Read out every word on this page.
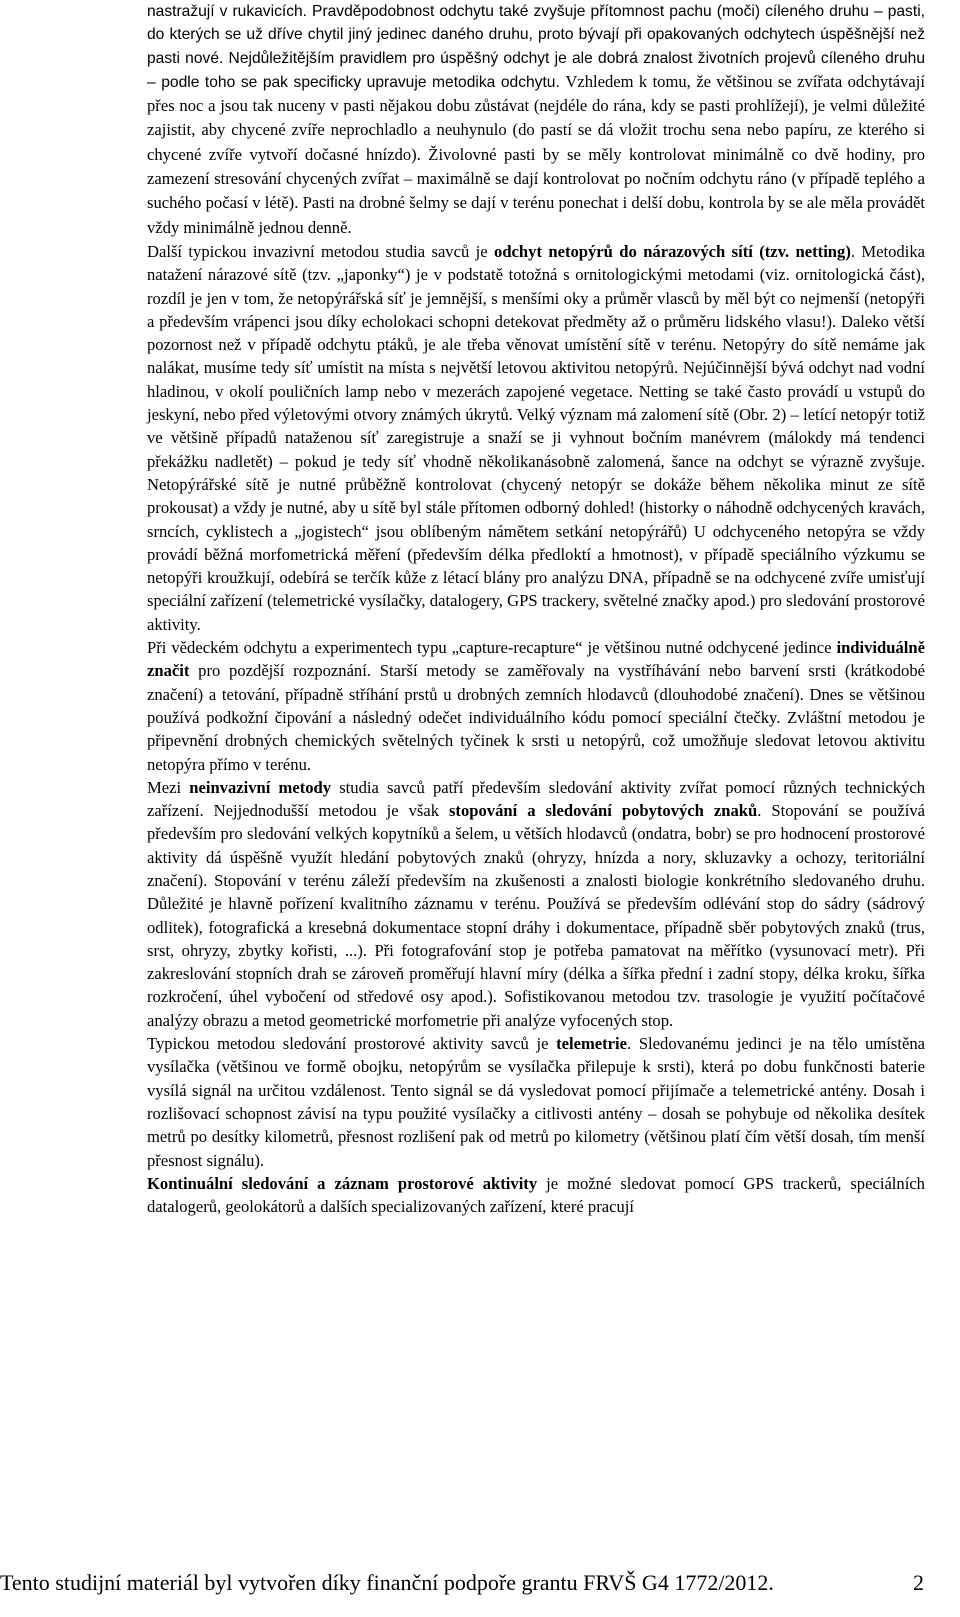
nastražují v rukavicích. Pravděpodobnost odchytu také zvyšuje přítomnost pachu (moči) cíleného druhu – pasti, do kterých se už dříve chytil jiný jedinec daného druhu, proto bývají při opakovaných odchytech úspěšnější než pasti nové. Nejdůležitějším pravidlem pro úspěšný odchyt je ale dobrá znalost životních projevů cíleného druhu – podle toho se pak specificky upravuje metodika odchytu. Vzhledem k tomu, že většinou se zvířata odchytávají přes noc a jsou tak nuceny v pasti nějakou dobu zůstávat (nejdéle do rána, kdy se pasti prohlížejí), je velmi důležité zajistit, aby chycené zvíře neprochladlo a neuhynulo (do pastí se dá vložit trochu sena nebo papíru, ze kterého si chycené zvíře vytvoří dočasné hnízdo). Živolovné pasti by se měly kontrolovat minimálně co dvě hodiny, pro zamezení stresování chycených zvířat – maximálně se dají kontrolovat po nočním odchytu ráno (v případě teplého a suchého počasí v létě). Pasti na drobné šelmy se dají v terénu ponechat i delší dobu, kontrola by se ale měla provádět vždy minimálně jednou denně.

Další typickou invazivní metodou studia savců je odchyt netopýrů do nárazových sítí (tzv. netting). Metodika natažení nárazové sítě (tzv. „japonky“) je v podstatě totožná s ornitologickými metodami (viz. ornitologická část), rozdíl je jen v tom, že netopýrářská síť je jemnější, s menšími oky a průměr vlasců by měl být co nejmenší (netopýři a především vrápenci jsou díky echolokaci schopni detekovat předměty až o průměru lidského vlasu!). Daleko větší pozornost než v případě odchytu ptáků, je ale třeba věnovat umístění sítě v terénu. Netopýry do sítě nemáme jak nalákat, musíme tedy síť umístit na místa s největší letovou aktivitou netopýrů. Nejúčinnější bývá odchyt nad vodní hladinou, v okolí pouličních lamp nebo v mezerách zapojené vegetace. Netting se také často provádí u vstupů do jeskyní, nebo před výletovými otvory známých úkrytů. Velký význam má zalomení sítě (Obr. 2) – letící netopýr totiž ve většině případů nataženou síť zaregistruje a snaží se ji vyhnout bočním manévrem (málokdy má tendenci překážku nadletět) – pokud je tedy síť vhodně několikanásobně zalomená, šance na odchyt se výrazně zvyšuje. Netopýrářské sítě je nutné průběžně kontrolovat (chycený netopýr se dokáže během několika minut ze sítě prokousat) a vždy je nutné, aby u sítě byl stále přítomen odborný dohled! (historky o náhodně odchycených kravách, srncích, cyklistech a „jogistech“ jsou oblíbeným námětem setkání netopýrářů) U odchyceného netopýra se vždy provádí běžná morfometrická měření (především délka předloktí a hmotnost), v případě speciálního výzkumu se netopýři kroužkují, odebírá se terčík kůže z létací blány pro analýzu DNA, případně se na odchycené zvíře umisťují speciální zařízení (telemetrické vysílačky, datalogery, GPS trackery, světelné značky apod.) pro sledování prostorové aktivity.

Při vědeckém odchytu a experimentech typu „capture-recapture“ je většinou nutné odchycené jedince individuálně značit pro pozdější rozpoznání. Starší metody se zaměřovaly na vystříhávání nebo barvení srsti (krátkodobé značení) a tetování, případně stříhání prstů u drobných zemních hlodavců (dlouhodobé značení). Dnes se většinou používá podkožní čipování a následný odečet individuálního kódu pomocí speciální čtečky. Zvláštní metodou je připevnění drobných chemických světelných tyčinek k srsti u netopýrů, což umožňuje sledovat letovou aktivitu netopýra přímo v terénu.

Mezi neinvazivní metody studia savců patří především sledování aktivity zvířat pomocí různých technických zařízení. Nejjednodušší metodou je však stopování a sledování pobytových znaků. Stopování se používá především pro sledování velkých kopytníků a šelem, u větších hlodavců (ondatra, bobr) se pro hodnocení prostorové aktivity dá úspěšně využít hledání pobytových znaků (ohryzy, hnízda a nory, skluzavky a ochozy, teritoriální značení). Stopování v terénu záleží především na zkušenosti a znalosti biologie konkrétního sledovaného druhu. Důležité je hlavně pořízení kvalitního záznamu v terénu. Používá se především odlévání stop do sádry (sádrový odlitek), fotografická a kresebná dokumentace stopní dráhy i dokumentace, případně sběr pobytových znaků (trus, srst, ohryzy, zbytky kořisti, ...). Při fotografování stop je potřeba pamatovat na měřítko (vysunovací metr). Při zakreslování stopních drah se zároveň proměřují hlavní míry (délka a šířka přední i zadní stopy, délka kroku, šířka rozkročení, úhel vybočení od středové osy apod.). Sofistikovanou metodou tzv. trasologie je využití počítačové analýzy obrazu a metod geometrické morfometrie při analýze vyfocených stop.

Typickou metodou sledování prostorové aktivity savců je telemetrie. Sledovanému jedinci je na tělo umístěna vysílačka (většinou ve formě obojku, netopýrům se vysílačka přilepuje k srsti), která po dobu funkčnosti baterie vysílá signál na určitou vzdálenost. Tento signál se dá vysledovat pomocí přijímače a telemetrické antény. Dosah i rozlišovací schopnost závisí na typu použité vysílačky a citlivosti antény – dosah se pohybuje od několika desítek metrů po desítky kilometrů, přesnost rozlišení pak od metrů po kilometry (většinou platí čím větší dosah, tím menší přesnost signálu).

Kontinuální sledování a záznam prostorové aktivity je možné sledovat pomocí GPS trackerů, speciálních datalogerů, geolokátorů a dalších specializovaných zařízení, které pracují

Tento studijní materiál byl vytvořen díky finanční podpoře grantu FRVŠ G4 1772/2012.	2
